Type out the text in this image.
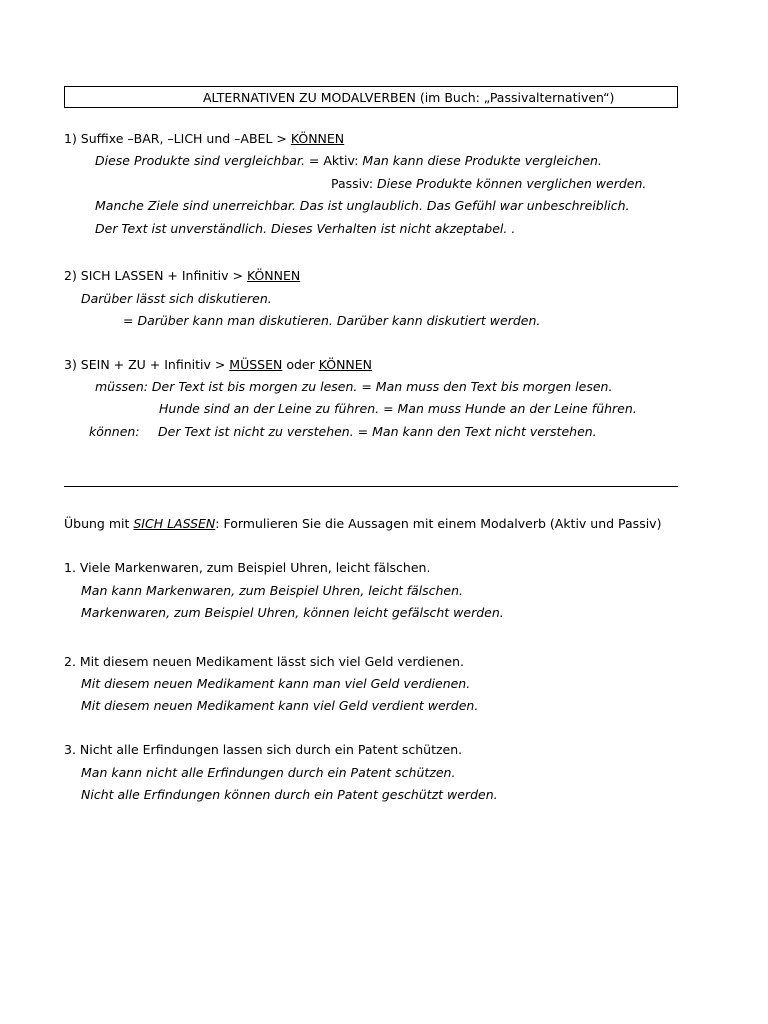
ALTERNATIVEN ZU MODALVERBEN (im Buch: „Passivalternativen“)
1) Suffixe –BAR, –LICH und –ABEL > KÖNNEN
Diese Produkte sind vergleichbar. = Aktiv: Man kann diese Produkte vergleichen.
Passiv: Diese Produkte können verglichen werden.
Manche Ziele sind unerreichbar. Das ist unglaublich. Das Gefühl war unbeschreiblich.
Der Text ist unverständlich. Dieses Verhalten ist nicht akzeptabel. .
2) SICH LASSEN + Infinitiv > KÖNNEN
Darüber lässt sich diskutieren.
= Darüber kann man diskutieren. Darüber kann diskutiert werden.
3) SEIN + ZU + Infinitiv > MÜSSEN oder KÖNNEN
müssen: Der Text ist bis morgen zu lesen. = Man muss den Text bis morgen lesen.
Hunde sind an der Leine zu führen. = Man muss Hunde an der Leine führen.
können: Der Text ist nicht zu verstehen. = Man kann den Text nicht verstehen.
Übung mit SICH LASSEN: Formulieren Sie die Aussagen mit einem Modalverb (Aktiv und Passiv)
1. Viele Markenwaren, zum Beispiel Uhren, leicht fälschen.
Man kann Markenwaren, zum Beispiel Uhren, leicht fälschen.
Markenwaren, zum Beispiel Uhren, können leicht gefälscht werden.
2. Mit diesem neuen Medikament lässt sich viel Geld verdienen.
Mit diesem neuen Medikament kann man viel Geld verdienen.
Mit diesem neuen Medikament kann viel Geld verdient werden.
3. Nicht alle Erfindungen lassen sich durch ein Patent schützen.
Man kann nicht alle Erfindungen durch ein Patent schützen.
Nicht alle Erfindungen können durch ein Patent geschützt werden.
